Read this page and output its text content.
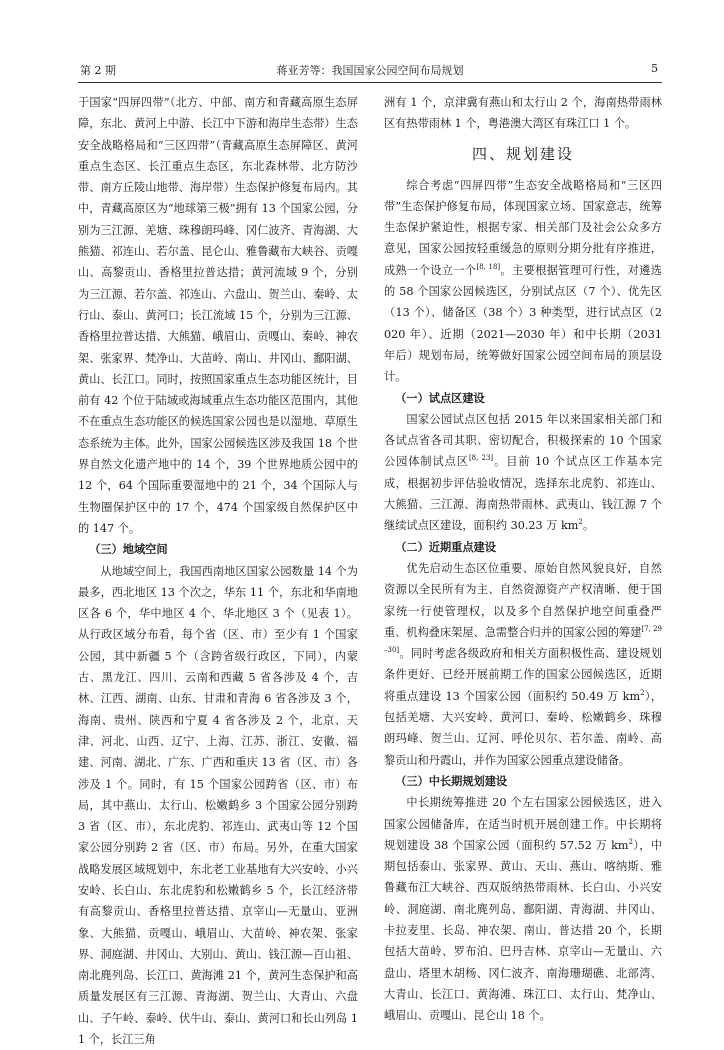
第 2 期	蒋亚芳等：我国国家公园空间布局规划	5

于国家“四屏四带”（北方、中部、南方和青藏高原生态屏障，东北、黄河上中游、长江中下游和海岸生态带）生态安全战略格局和“三区四带”（青藏高原生态屏障区、黄河重点生态区、长江重点生态区，东北森林带、北方防沙带、南方丘陵山地带、海岸带）生态保护修复布局内。其中，青藏高原区为“地球第三极”拥有 13 个国家公园，分别为三江源、羌塘、珠穆朗玛峰、冈仁波齐、青海湖、大熊猫、祁连山、若尔盖、昆仑山、雅鲁藏布大峡谷、贡嘎山、高黎贡山、香格里拉普达措；黄河流域 9 个，分别为三江源、若尔盖、祁连山、六盘山、贺兰山、秦岭、太行山、泰山、黄河口；长江流域 15 个，分别为三江源、香格里拉普达措、大熊猫、峨眉山、贡嘎山、秦岭、神农架、张家界、梵净山、大苗岭、南山、井冈山、鄱阳湖、黄山、长江口。同时，按照国家重点生态功能区统计，目前有 42 个位于陆域或海域重点生态功能区范围内，其他不在重点生态功能区的候选国家公园也是以湿地、草原生态系统为主体。此外，国家公园候选区涉及我国 18 个世界自然文化遗产地中的 14 个，39 个世界地质公园中的 12 个，64 个国际重要湿地中的 21 个，34 个国际人与生物圈保护区中的 17 个，474 个国家级自然保护区中的 147 个。

（三）地域空间

从地域空间上，我国西南地区国家公园数量 14 个为最多，西北地区 13 个次之，华东 11 个，东北和华南地区各 6 个，华中地区 4 个、华北地区 3 个（见表 1）。从行政区域分布看，每个省（区、市）至少有 1 个国家公园，其中新疆 5 个（含跨省级行政区，下同），内蒙古、黑龙江、四川、云南和西藏 5 省各涉及 4 个，吉林、江西、湖南、山东、甘肃和青海 6 省各涉及 3 个，海南、贵州、陕西和宁夏 4 省各涉及 2 个，北京、天津、河北、山西、辽宁、上海、江苏、浙江、安徽、福建、河南、湖北、广东、广西和重庆 13 省（区、市）各涉及 1 个。同时，有 15 个国家公园跨省（区、市）布局，其中燕山、太行山、松嫩鹤乡 3 个国家公园分别跨 3 省（区、市），东北虎豹、祁连山、武夷山等 12 个国家公园分别跨 2 省（区、市）布局。另外，在重大国家战略发展区域规划中，东北老工业基地有大兴安岭、小兴安岭、长白山、东北虎豹和松嫩鹤乡 5 个，长江经济带有高黎贡山、香格里拉普达措、京宰山—无量山、亚洲象、大熊猫、贡嘎山、峨眉山、大苗岭、神农架、张家界、洞庭湖、井冈山、大别山、黄山、钱江源—百山祖、南北麂列岛、长江口、黄海滩 21 个，黄河生态保护和高质量发展区有三江源、青海湖、贺兰山、大青山、六盘山、子午岭、泰岭、伏牛山、泰山、黄河口和长山列岛 11 个，长江三角

洲有 1 个，京津冀有燕山和太行山 2 个，海南热带雨林区有热带雨林 1 个，粤港澳大湾区有珠江口 1 个。

四、规划建设

综合考虑“四屏四带”生态安全战略格局和“三区四带”生态保护修复布局，体现国家立场、国家意志，统筹生态保护紧迫性，根据专家、相关部门及社会公众多方意见，国家公园按轻重缓急的原则分期分批有序推进，成熟一个设立一个[8, 18]。主要根据管理可行性，对遴选的 58 个国家公园候选区，分别试点区（7 个）、优先区（13 个）、储备区（38 个）3 种类型，进行试点区（2020 年）、近期（2021—2030 年）和中长期（2031 年后）规划布局，统筹做好国家公园空间布局的顶层设计。

（一）试点区建设

国家公园试点区包括 2015 年以来国家相关部门和各试点省各司其职、密切配合，积极探索的 10 个国家公园体制试点区[8, 23]。目前 10 个试点区工作基本完成，根据初步评估验收情况，选择东北虎豹、祁连山、大熊猫、三江源、海南热带雨林、武夷山、钱江源 7 个继续试点区建设，面积约 30.23 万 $km^2$。

（二）近期重点建设

优先启动生态区位重要、原始自然风貌良好，自然资源以全民所有为主、自然资源资产产权清晰、便于国家统一行使管理权，以及多个自然保护地空间重叠严重、机构叠床架屋、急需整合归并的国家公园的筹建[7, 29–30]。同时考虑各级政府和相关方面积极性高、建设规划条件更好、已经开展前期工作的国家公园候选区，近期将重点建设 13 个国家公园（面积约 50.49 万 $km^2$），包括羌塘、大兴安岭、黄河口、秦岭、松嫩鹤乡、珠穆朗玛峰、贺兰山、辽河、呼伦贝尔、若尔盖、南岭、高黎贡山和丹霞山，并作为国家公园重点建设储备。

（三）中长期规划建设

中长期统筹推进 20 个左右国家公园候选区，进入国家公园储备库，在适当时机开展创建工作。中长期将规划建设 38 个国家公园（面积约 57.52 万 $km^2$），中期包括泰山、张家界、黄山、天山、燕山、喀纳斯、雅鲁藏布江大峡谷、西双版纳热带雨林、长白山、小兴安岭、洞庭湖、南北麂列岛、鄱阳湖、青海湖、井冈山、卡拉麦里、长岛、神农架、南山、普达措 20 个，长期包括大苗岭、罗布泊、巴丹吉林、京宰山—无量山、六盘山、塔里木胡杨、冈仁波齐、南海珊瑚礁、北部湾、大青山、长江口、黄海滩、珠江口、太行山、梵净山、峨眉山、贡嘎山、昆仑山 18 个。
